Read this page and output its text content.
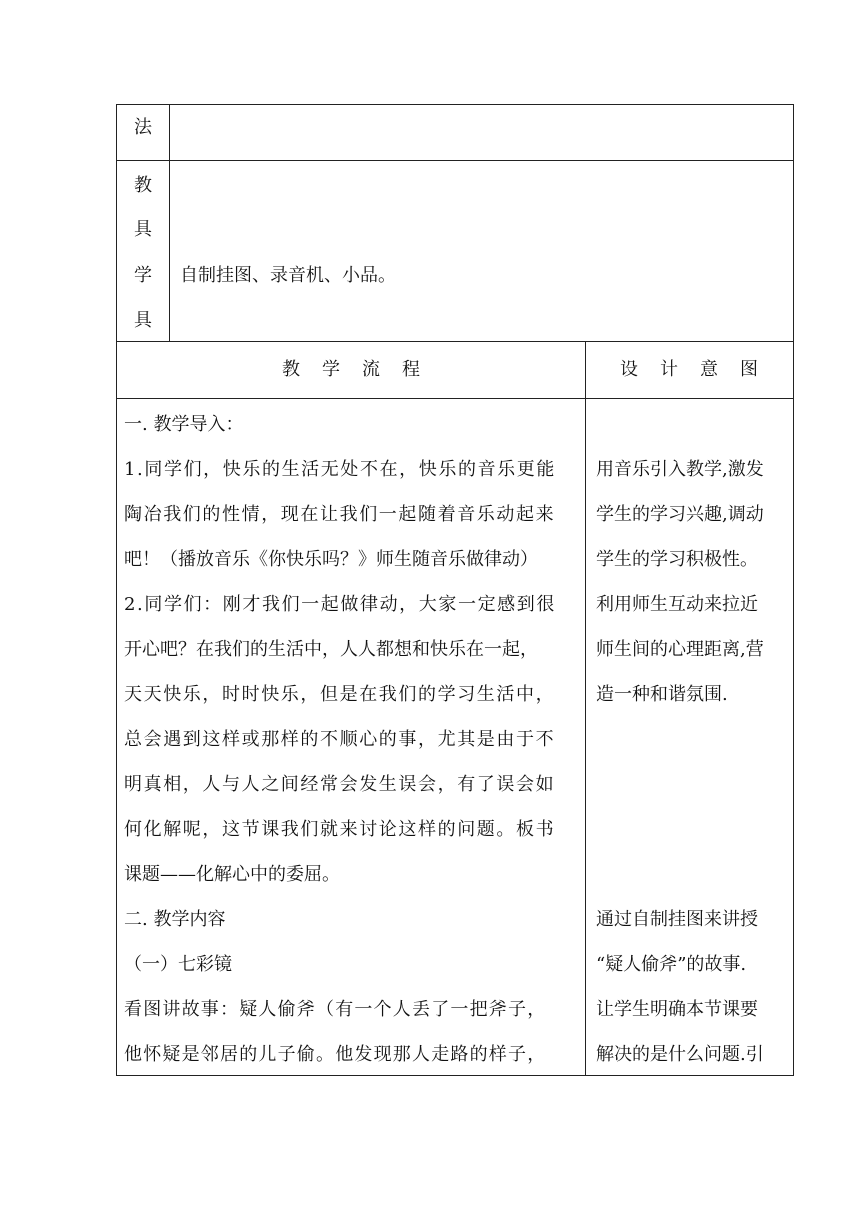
法
教
具
学
具
自制挂图、录音机、小品。
教学流程	设计意图
一. 教学导入：
1.同学们，快乐的生活无处不在，快乐的音乐更能
陶冶我们的性情，现在让我们一起随着音乐动起来
吧！（播放音乐《你快乐吗？》师生随音乐做律动）
2.同学们：刚才我们一起做律动，大家一定感到很
开心吧？在我们的生活中，人人都想和快乐在一起，
天天快乐，时时快乐，但是在我们的学习生活中，
总会遇到这样或那样的不顺心的事，尤其是由于不
明真相，人与人之间经常会发生误会，有了误会如
何化解呢，这节课我们就来讨论这样的问题。板书
课题——化解心中的委屈。
二. 教学内容
（一）七彩镜
看图讲故事：疑人偷斧（有一个人丢了一把斧子，
他怀疑是邻居的儿子偷。他发现那人走路的样子，
用音乐引入教学,激发
学生的学习兴趣,调动
学生的学习积极性。
利用师生互动来拉近
师生间的心理距离,营
造一种和谐氛围.
通过自制挂图来讲授
“疑人偷斧”的故事.
让学生明确本节课要
解决的是什么问题.引
